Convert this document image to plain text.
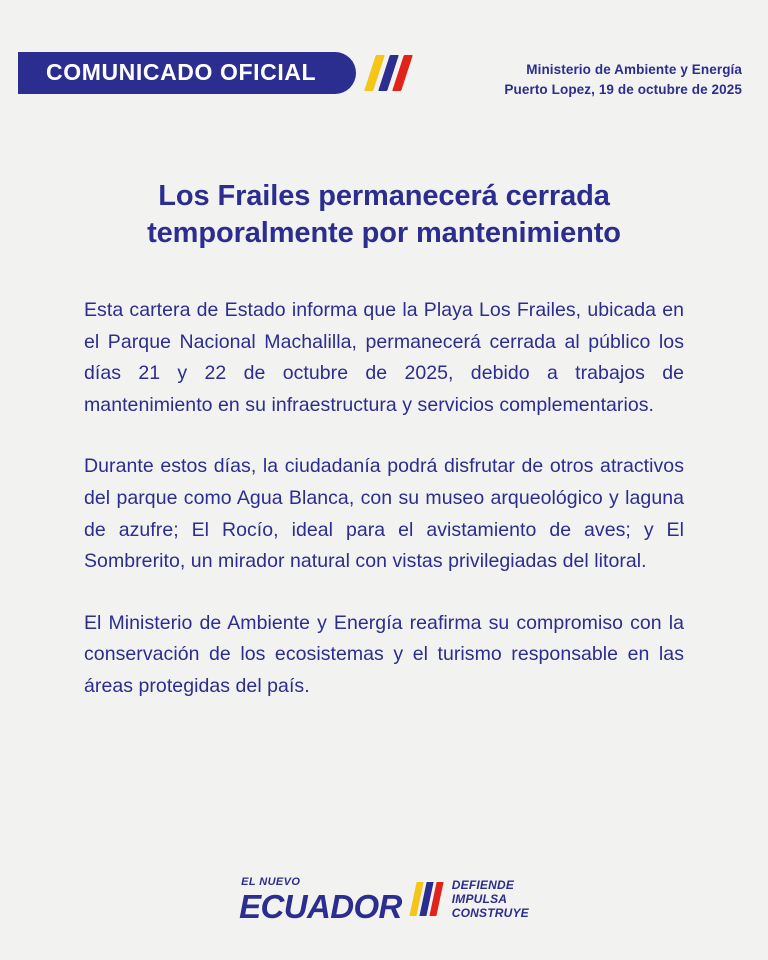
COMUNICADO OFICIAL	Ministerio de Ambiente y Energía
Puerto Lopez, 19 de octubre de 2025
Los Frailes permanecerá cerrada temporalmente por mantenimiento

Esta cartera de Estado informa que la Playa Los Frailes, ubicada en el Parque Nacional Machalilla, permanecerá cerrada al público los días 21 y 22 de octubre de 2025, debido a trabajos de mantenimiento en su infraestructura y servicios complementarios.

Durante estos días, la ciudadanía podrá disfrutar de otros atractivos del parque como Agua Blanca, con su museo arqueológico y laguna de azufre; El Rocío, ideal para el avistamiento de aves; y El Sombrerito, un mirador natural con vistas privilegiadas del litoral.

El Ministerio de Ambiente y Energía reafirma su compromiso con la conservación de los ecosistemas y el turismo responsable en las áreas protegidas del país.

EL NUEVO
ECUADOR
DEFIENDE
IMPULSA
CONSTRUYE
